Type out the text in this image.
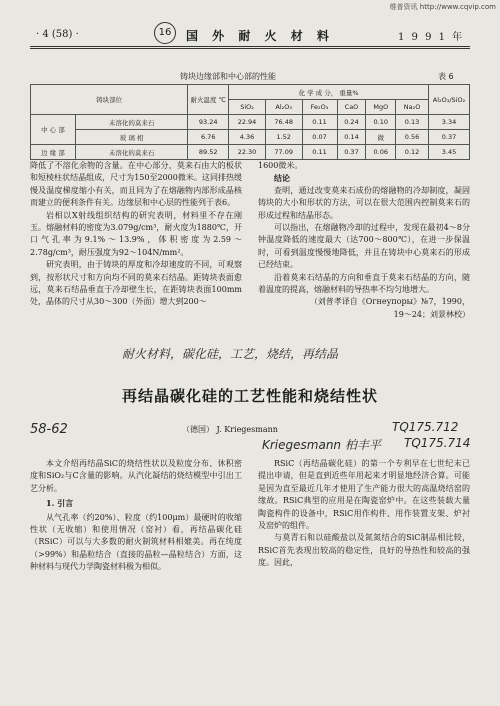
维普资讯 http://www.cqvip.com
· 4 (58) ·	16	国 外 耐 火 材 料	1 9 9 1 年
铸块边缘部和中心部的性能	表 6
铸块部位		耐火温度 ℃	化 学 成 分， 重量%						Al₂O₃/SiO₂
			SiO₂	Al₂O₃	Fe₂O₃	CaO	MgO	Na₂O	
中 心 部	未溶化的莫来石	93.24	22.94	76.48	0.11	0.24	0.10	0.13	3.34
	玻 璃 相	6.76	4.36	1.52	0.07	0.14	微	0.56	0.37
边 缘 部	未溶化的莫来石	89.52	22.30	77.09	0.11	0.37	0.06	0.12	3.45

降低了不溶化余物的含量。在中心部分，莫来石由大的板状和短棱柱状结晶组成，尺寸为150至2000微米。这同排热缓慢及温度梯度缩小有关，而且同为了在熔融物内部形成晶核而建立的便利条件有关。边缘层和中心层的性能列于表6。

岩相以X射线组织结构的研究表明，材料里不存在刚玉。熔融材料的密度为3.079g/cm³，耐火度为1880℃，开口气孔率为9.1%～13.9%，体积密度为2.59～2.78g/cm³，耐压强度为92～104N/mm²。

研究表明，由于铸块的厚度和冷却速度的不同，可观察到，按形状尺寸和方向均不同的莫来石结晶。距铸块表面愈远，莫来石结晶垂直于冷却壁生长，在距铸块表面100mm处，晶体的尺寸从30～300（外面）增大到200～

1600微米。

结论

查明，通过改变莫来石成份的熔融物的冷却制度，凝固铸块的大小和形状的方法，可以在很大范围内控制莫来石的形成过程和结晶形态。

可以指出，在熔融物冷却的过程中，发现在最初4～8分钟温度降低的速度最大（达700～800℃），在进一步保温时，可看到温度慢慢地降低，并且在铸块中心莫来石的形成已经结束。

沿着莫来石结晶的方向和垂直于莫来石结晶的方向，随着温度的提高，熔融材料的导热率不均匀地增大。

（刘普孝译自《Огнеупоры》№7，1990，

19～24；刘景林校）

耐火材料，碳化硅，工艺，烧结，再结晶
58-62
Kriegesmann 柏丰平
TQ175.712
TQ175.714
再结晶碳化硅的工艺性能和烧结性状
（德国） J. Kriegesmann

本文介绍再结晶SiC的烧结性状以及粒度分布、休积密度和SiO₂与C含量的影响。从汽化凝结的烧结模型中引出工艺分析。

1. 引言

从气孔率（约20%）、粒度（约100μm）最硬时的收缩性状（无收缩）和使用情况（窑衬）看，再结晶碳化硅（RSiC）可以与大多数的耐火制筑材料相媲美。再在纯度（>99%）和晶粒结合（直接的晶粒—晶粒结合）方面，这种材料与现代力学陶瓷材料极为相似。

RSiC（再结晶碳化硅）的第一个专利早在七世纪末已提出申请，但是直到近些年用起来才明显地经济合算。可能是因为直至最近几年才使用了生产能力很大的高温烧结窑的缘故。RSiC典型的应用是在陶瓷窑炉中。在这些装载大量陶瓷构件的设备中，RSiC用作构件、用作装置支架、炉衬及窑炉的组件。

与莫青石和以硅酸盐以及氮氮结合的SiC制品相比较，RSiC首先表现出较高的稳定性，良好的导热性和较高的强度。因此，
